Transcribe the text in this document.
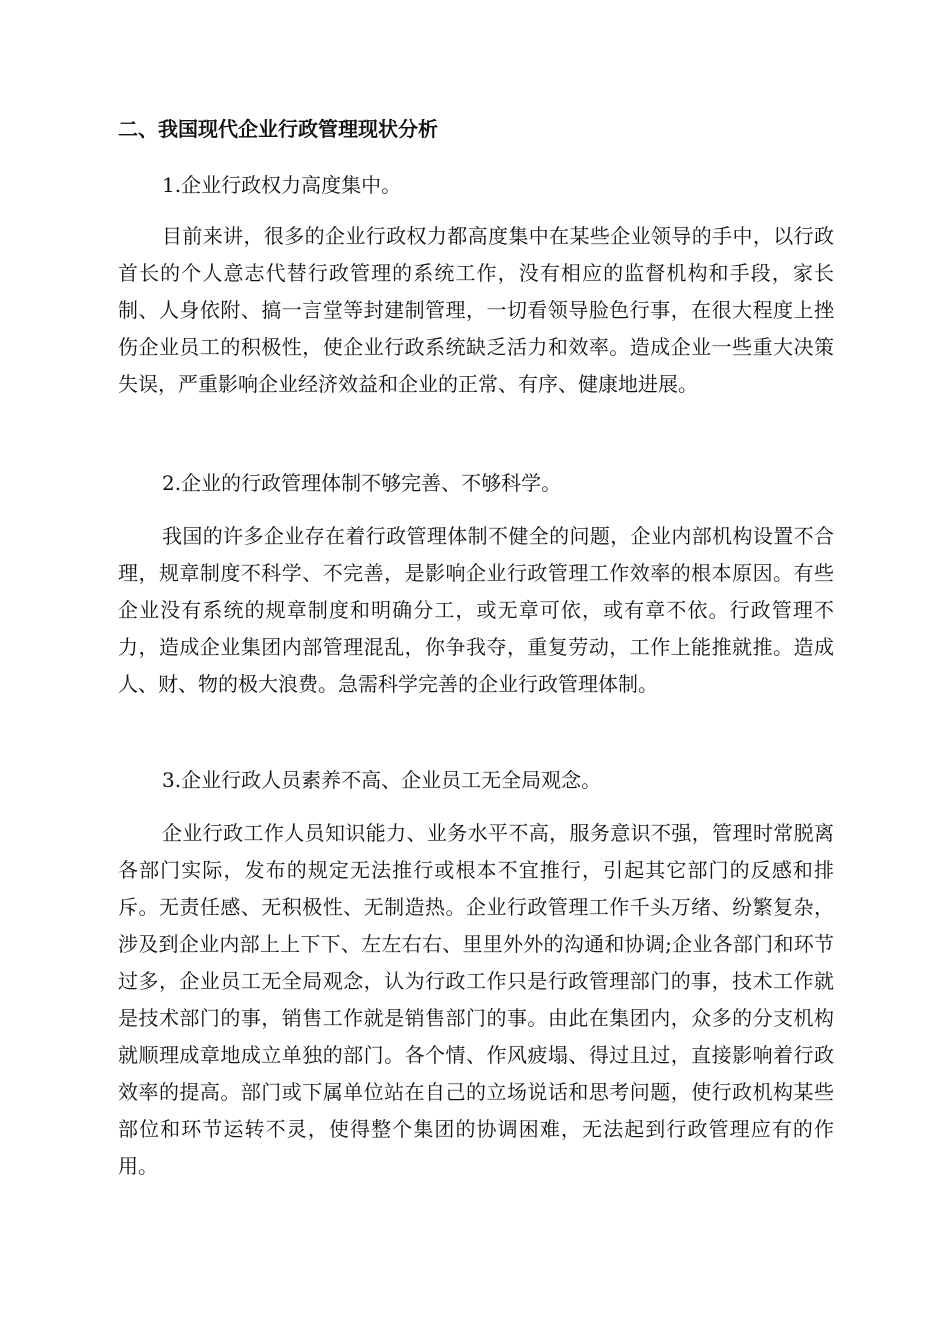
二、我国现代企业行政管理现状分析
1.企业行政权力高度集中。

目前来讲，很多的企业行政权力都高度集中在某些企业领导的手中，以行政首长的个人意志代替行政管理的系统工作，没有相应的监督机构和手段，家长制、人身依附、搞一言堂等封建制管理，一切看领导脸色行事，在很大程度上挫伤企业员工的积极性，使企业行政系统缺乏活力和效率。造成企业一些重大决策失误，严重影响企业经济效益和企业的正常、有序、健康地进展。

2.企业的行政管理体制不够完善、不够科学。

我国的许多企业存在着行政管理体制不健全的问题，企业内部机构设置不合理，规章制度不科学、不完善，是影响企业行政管理工作效率的根本原因。有些企业没有系统的规章制度和明确分工，或无章可依，或有章不依。行政管理不力，造成企业集团内部管理混乱，你争我夺，重复劳动，工作上能推就推。造成人、财、物的极大浪费。急需科学完善的企业行政管理体制。

3.企业行政人员素养不高、企业员工无全局观念。

企业行政工作人员知识能力、业务水平不高，服务意识不强，管理时常脱离各部门实际，发布的规定无法推行或根本不宜推行，引起其它部门的反感和排斥。无责任感、无积极性、无制造热。企业行政管理工作千头万绪、纷繁复杂，涉及到企业内部上上下下、左左右右、里里外外的沟通和协调;企业各部门和环节过多，企业员工无全局观念，认为行政工作只是行政管理部门的事，技术工作就是技术部门的事，销售工作就是销售部门的事。由此在集团内，众多的分支机构就顺理成章地成立单独的部门。各个情、作风疲塌、得过且过，直接影响着行政效率的提高。部门或下属单位站在自己的立场说话和思考问题，使行政机构某些部位和环节运转不灵，使得整个集团的协调困难，无法起到行政管理应有的作用。
